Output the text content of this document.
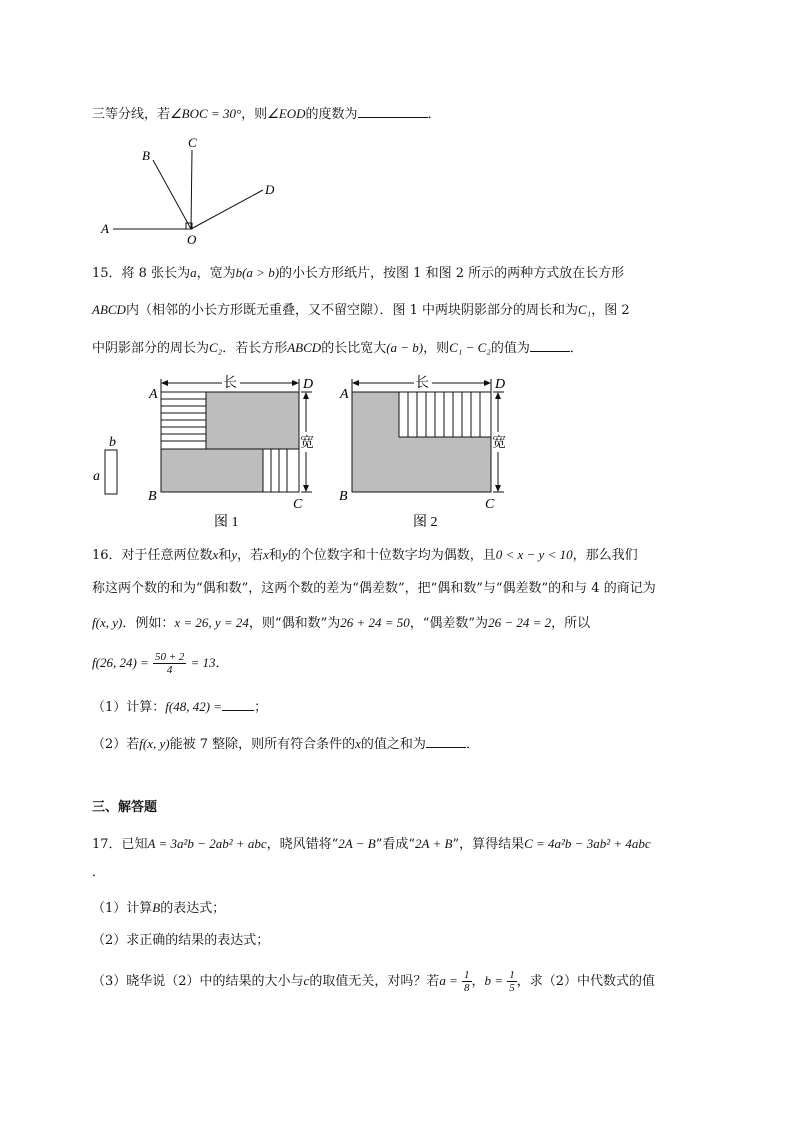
三等分线，若∠BOC = 30°，则∠EOD的度数为	．
A
B
C
D
O
15．将 8 张长为a，宽为b(a > b)的小长方形纸片，按图 1 和图 2 所示的两种方式放在长方形
ABCD内（相邻的小长方形既无重叠，又不留空隙）．图 1 中两块阴影部分的周长和为C₁，图 2
中阴影部分的周长为C₂．若长方形ABCD的长比宽大(a − b)，则C₁ − C₂的值为	．
a
b
长
宽
A
D
B
C
图 1
长
宽
A
D
B
C
图 2
16．对于任意两位数x和y，若x和y的个位数字和十位数字均为偶数，且0 < x − y < 10，那么我们
称这两个数的和为“偶和数”，这两个数的差为“偶差数”，把“偶和数”与“偶差数”的和与 4 的商记为
f(x, y)．例如：x = 26, y = 24，则“偶和数”为26 + 24 = 50，“偶差数”为26 − 24 = 2，所以
f(26, $24) = \frac{50 + 2}{4} = 13$．
（1）计算：f(48, 42) = ；
（2）若f(x, y)能被 7 整除，则所有符合条件的x的值之和为	．
三、解答题
17．已知A = 3a²b − 2ab² + abc，晓风错将“2A − B”看成“2A + B”，算得结果C = 4a²b − 3ab² + 4abc
．
（1）计算B的表达式；
（2）求正确的结果的表达式；
（3）晓华说（2）中的结果的大小与c的取值无关，对吗？若$a = \frac{1}{8}$ ，$b = \frac{1}{5}$ ，求（2）中代数式的值
